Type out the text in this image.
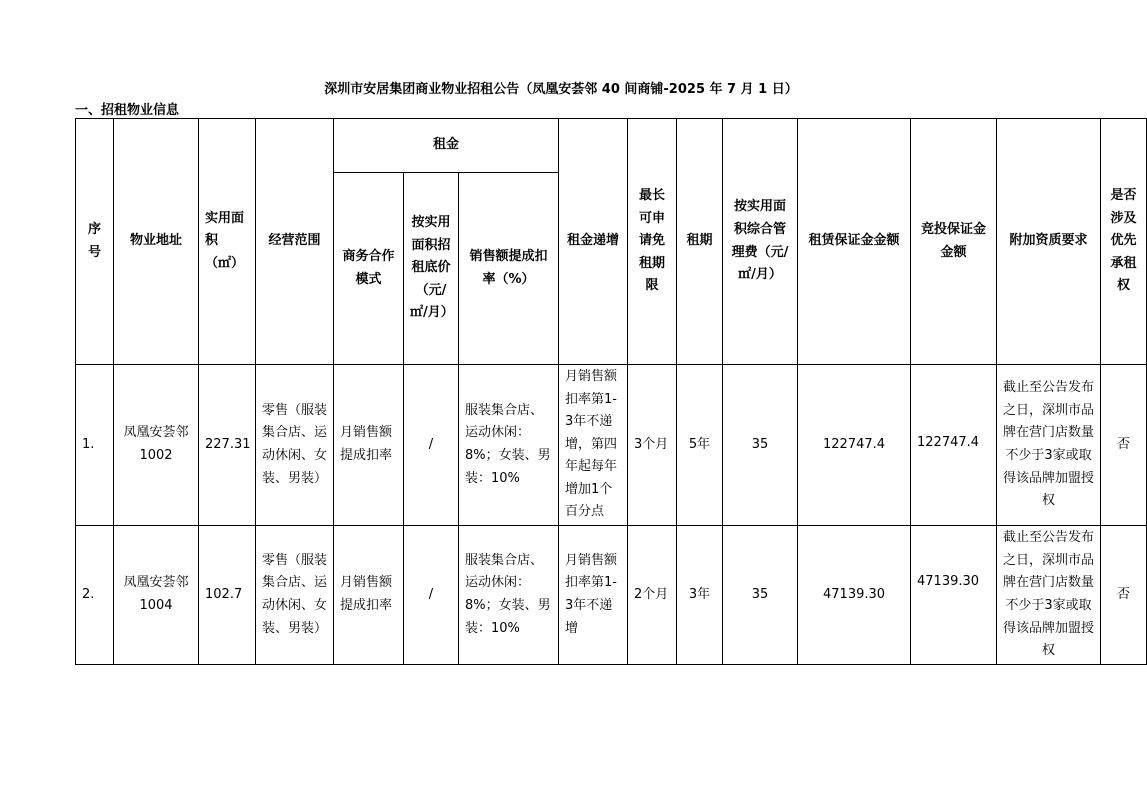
深圳市安居集团商业物业招租公告（凤凰安荟邻 40 间商铺-2025 年 7 月 1 日）
一、招租物业信息
序号	物业地址	实用面积（㎡）	经营范围	租金			租金递增	最长可申请免租期限	租期	按实用面积综合管理费（元/㎡/月）	租赁保证金金额	竞投保证金金额	附加资质要求	是否涉及优先承租权
				商务合作模式	按实用面积招租底价（元/㎡/月）	销售额提成扣率（%）								
1.	凤凰安荟邻1002	227.31	零售（服装集合店、运动休闲、女装、男装）	月销售额提成扣率	/	服装集合店、运动休闲：8%；女装、男装：10%	月销售额扣率第1-3年不递增，第四年起每年增加1个百分点	3个月	5年	35	122747.4	122747.4	截止至公告发布之日，深圳市品牌在营门店数量不少于3家或取得该品牌加盟授权	否
2.	凤凰安荟邻1004	102.7	零售（服装集合店、运动休闲、女装、男装）	月销售额提成扣率	/	服装集合店、运动休闲：8%；女装、男装：10%	月销售额扣率第1-3年不递增	2个月	3年	35	47139.30	47139.30	截止至公告发布之日，深圳市品牌在营门店数量不少于3家或取得该品牌加盟授权	否
